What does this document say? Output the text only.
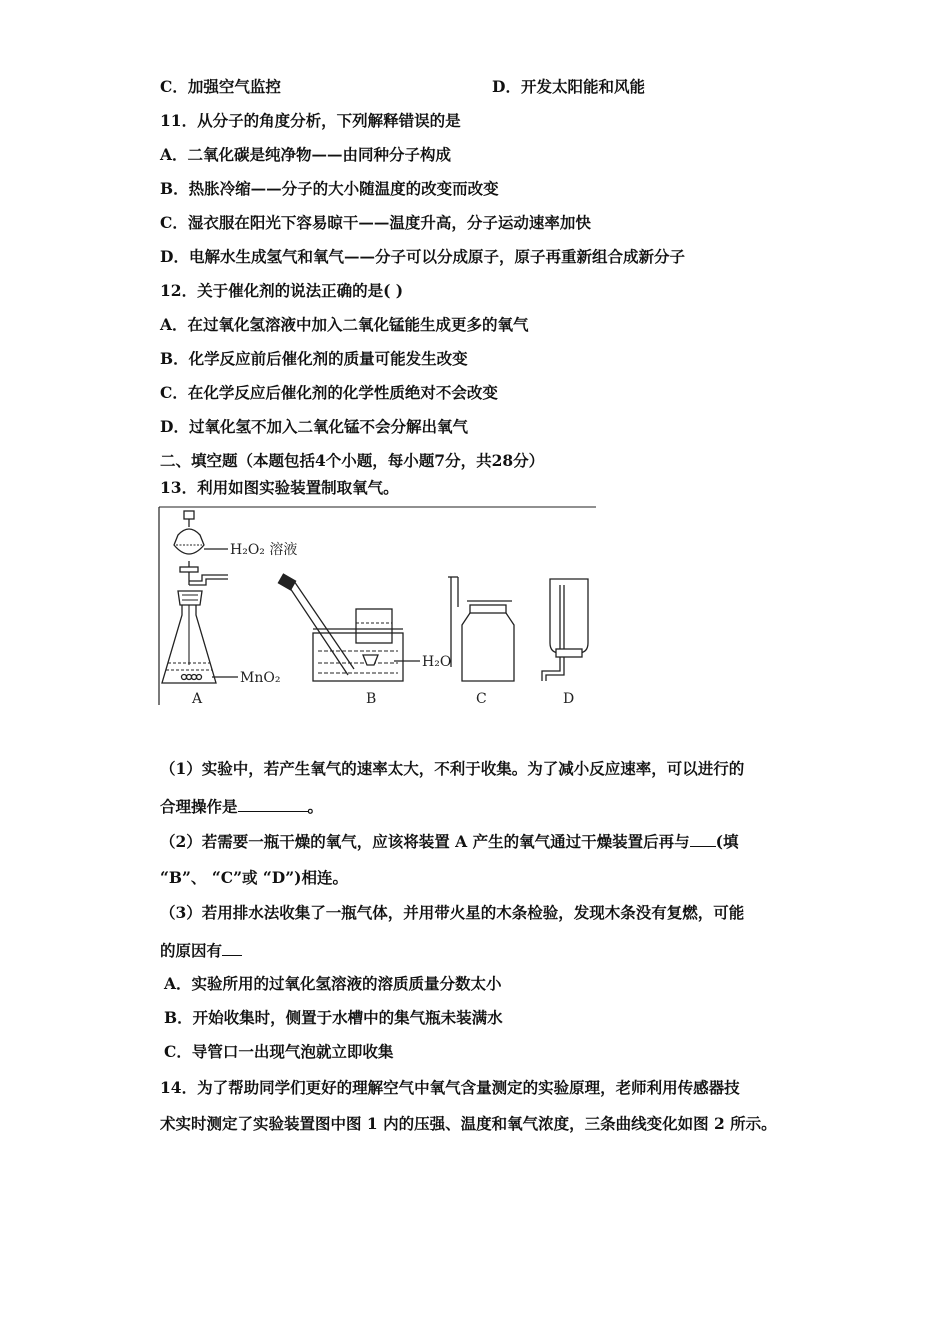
C．加强空气监控	D．开发太阳能和风能
11．从分子的角度分析，下列解释错误的是
A．二氧化碳是纯净物——由同种分子构成
B．热胀冷缩——分子的大小随温度的改变而改变
C．湿衣服在阳光下容易晾干——温度升高，分子运动速率加快
D．电解水生成氢气和氧气——分子可以分成原子，原子再重新组合成新分子
12．关于催化剂的说法正确的是( )
A．在过氧化氢溶液中加入二氧化锰能生成更多的氧气
B．化学反应前后催化剂的质量可能发生改变
C．在化学反应后催化剂的化学性质绝对不会改变
D．过氧化氢不加入二氧化锰不会分解出氧气
二、填空题（本题包括4个小题，每小题7分，共28分）
13．利用如图实验装置制取氧气。
H₂O₂ 溶液
MnO₂
H₂O
A	B	C	D
（1）实验中，若产生氧气的速率太大，不利于收集。为了减小反应速率，可以进行的
合理操作是	。
（2）若需要一瓶干燥的氧气，应该将装置 A 产生的氧气通过干燥装置后再与 (填
“B”、 “C”或 “D”)相连。
（3）若用排水法收集了一瓶气体，并用带火星的木条检验，发现木条没有复燃，可能
的原因有
A．实验所用的过氧化氢溶液的溶质质量分数太小
B．开始收集时，侧置于水槽中的集气瓶未装满水
C．导管口一出现气泡就立即收集
14．为了帮助同学们更好的理解空气中氧气含量测定的实验原理，老师利用传感器技
术实时测定了实验装置图中图 1 内的压强、温度和氧气浓度，三条曲线变化如图 2 所示。
